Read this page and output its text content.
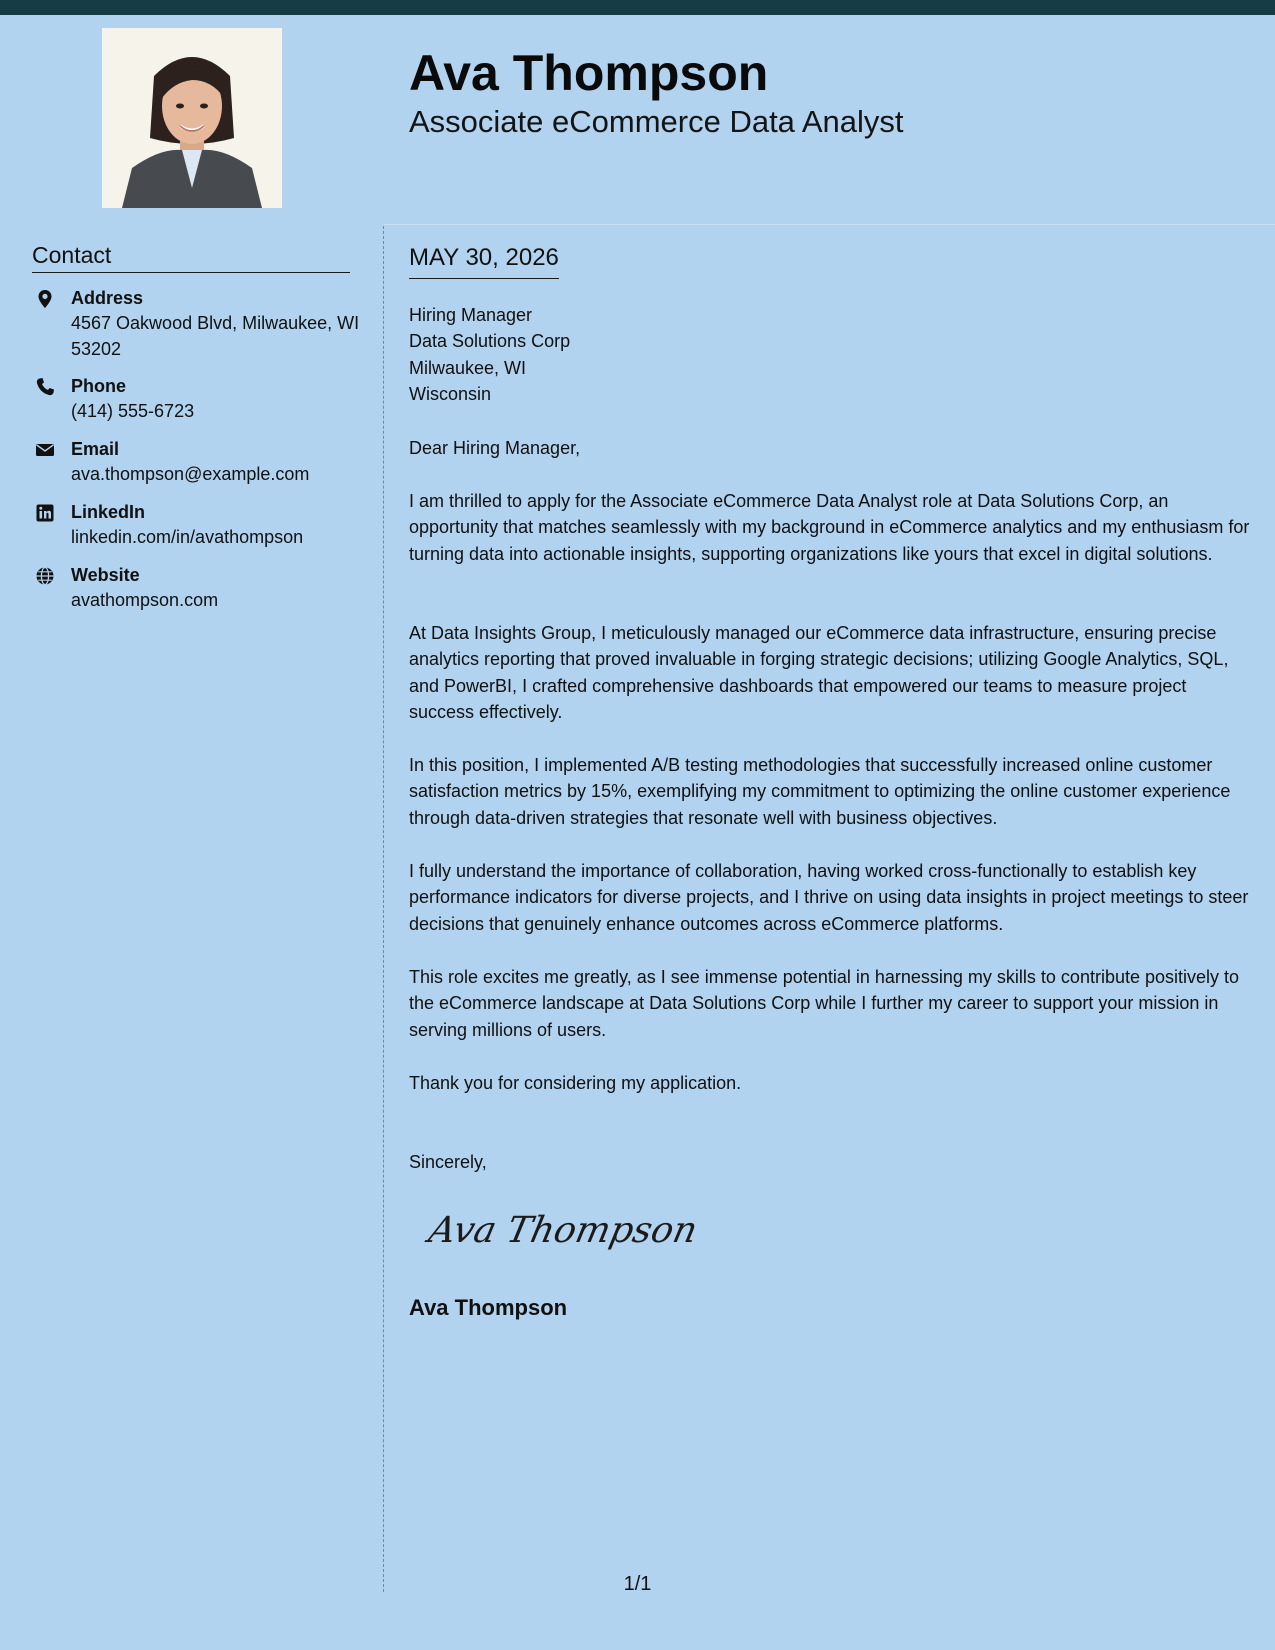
Ava Thompson
Associate eCommerce Data Analyst
Contact
Address
4567 Oakwood Blvd, Milwaukee, WI 53202
Phone
(414) 555-6723
Email
ava.thompson@example.com
LinkedIn
linkedin.com/in/avathompson
Website
avathompson.com
MAY 30, 2026
Hiring Manager
Data Solutions Corp
Milwaukee, WI
Wisconsin

Dear Hiring Manager,

I am thrilled to apply for the Associate eCommerce Data Analyst role at Data Solutions Corp, an opportunity that matches seamlessly with my background in eCommerce analytics and my enthusiasm for turning data into actionable insights, supporting organizations like yours that excel in digital solutions.

At Data Insights Group, I meticulously managed our eCommerce data infrastructure, ensuring precise analytics reporting that proved invaluable in forging strategic decisions; utilizing Google Analytics, SQL, and PowerBI, I crafted comprehensive dashboards that empowered our teams to measure project success effectively.

In this position, I implemented A/B testing methodologies that successfully increased online customer satisfaction metrics by 15%, exemplifying my commitment to optimizing the online customer experience through data-driven strategies that resonate well with business objectives.

I fully understand the importance of collaboration, having worked cross-functionally to establish key performance indicators for diverse projects, and I thrive on using data insights in project meetings to steer decisions that genuinely enhance outcomes across eCommerce platforms.

This role excites me greatly, as I see immense potential in harnessing my skills to contribute positively to the eCommerce landscape at Data Solutions Corp while I further my career to support your mission in serving millions of users.

Thank you for considering my application.

Sincerely,

Ava Thompson
Ava Thompson
1/1
